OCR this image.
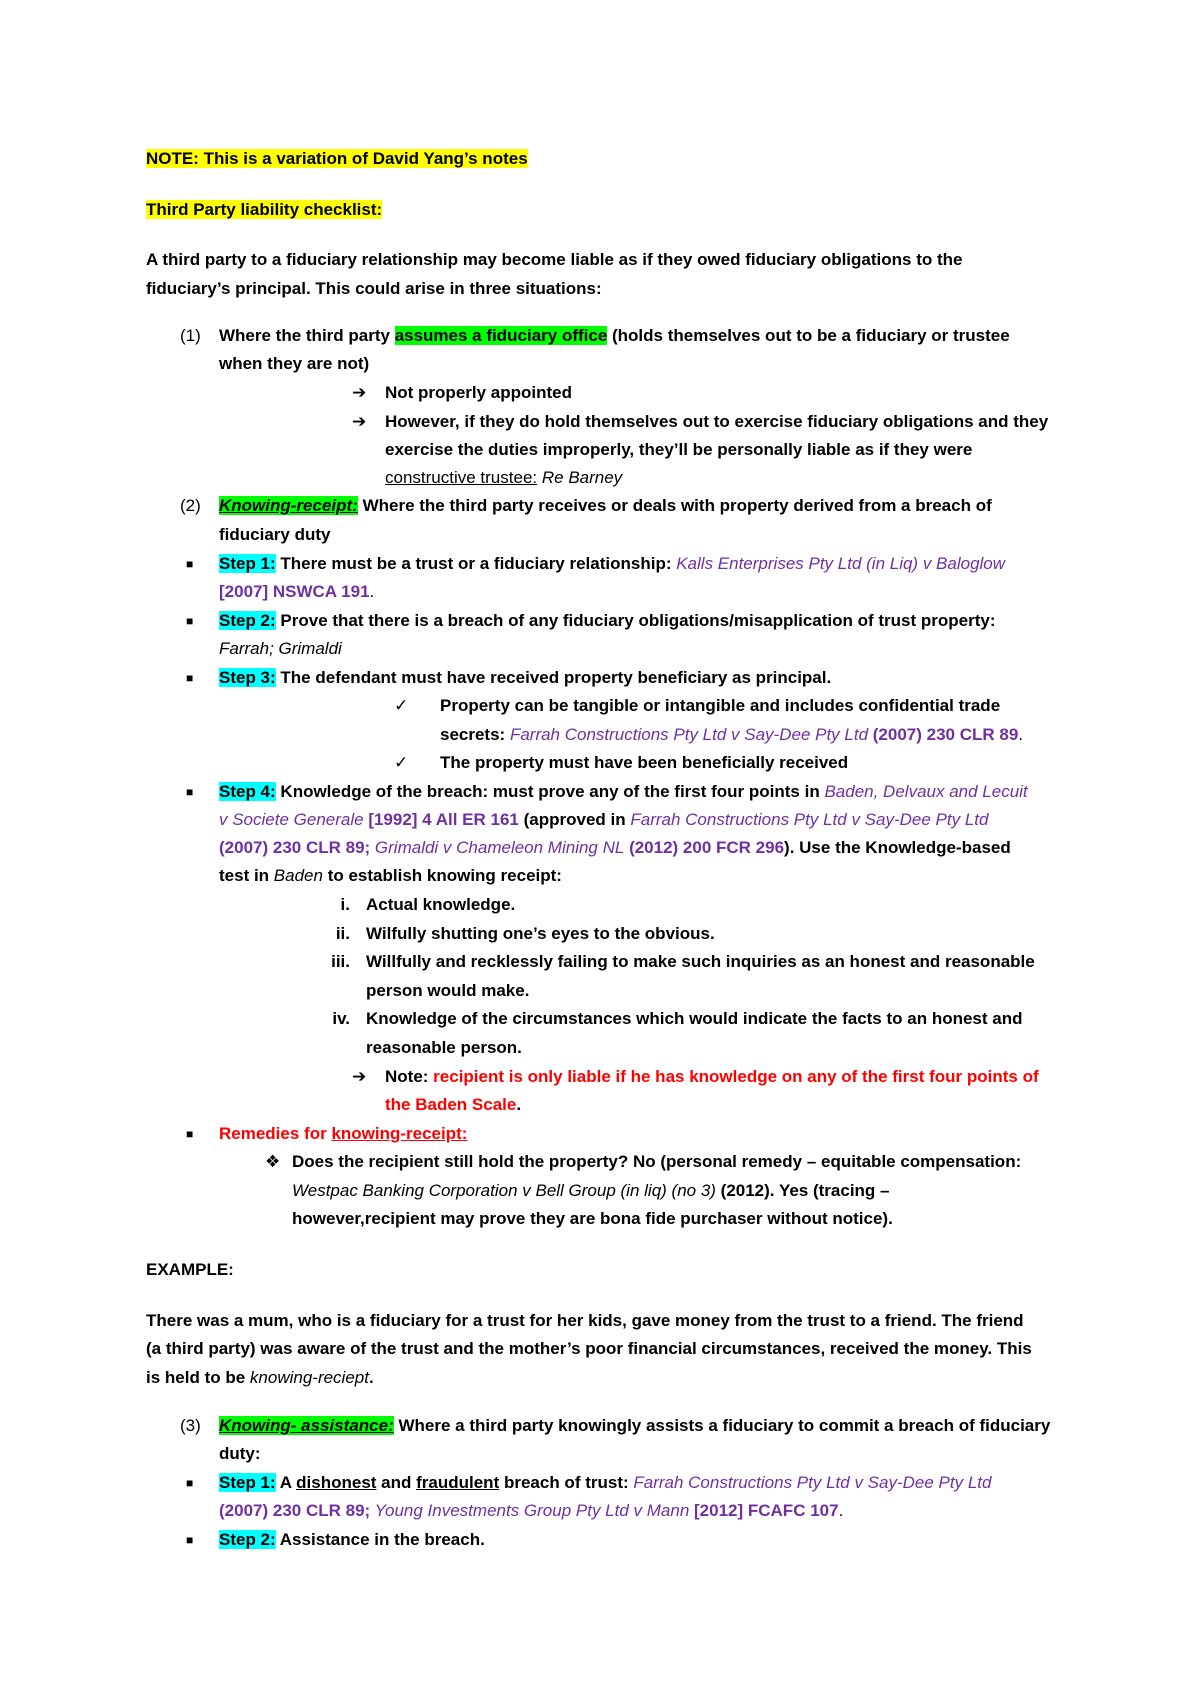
NOTE: This is a variation of David Yang’s notes
Third Party liability checklist:
A third party to a fiduciary relationship may become liable as if they owed fiduciary obligations to the
fiduciary’s principal. This could arise in three situations:
(1) Where the third party assumes a fiduciary office (holds themselves out to be a fiduciary or trustee
when they are not)
➔ Not properly appointed
➔ However, if they do hold themselves out to exercise fiduciary obligations and they
exercise the duties improperly, they’ll be personally liable as if they were
constructive trustee: Re Barney
(2) Knowing-receipt: Where the third party receives or deals with property derived from a breach of
fiduciary duty
■ Step 1: There must be a trust or a fiduciary relationship: Kalls Enterprises Pty Ltd (in Liq) v Baloglow
[2007] NSWCA 191.
■ Step 2: Prove that there is a breach of any fiduciary obligations/misapplication of trust property:
Farrah; Grimaldi
■ Step 3: The defendant must have received property beneficiary as principal.
✓ Property can be tangible or intangible and includes confidential trade
secrets: Farrah Constructions Pty Ltd v Say-Dee Pty Ltd (2007) 230 CLR 89.
✓ The property must have been beneficially received
■ Step 4: Knowledge of the breach: must prove any of the first four points in Baden, Delvaux and Lecuit
v Societe Generale [1992] 4 All ER 161 (approved in Farrah Constructions Pty Ltd v Say-Dee Pty Ltd
(2007) 230 CLR 89; Grimaldi v Chameleon Mining NL (2012) 200 FCR 296). Use the Knowledge-based
test in Baden to establish knowing receipt:
i. Actual knowledge.
ii. Wilfully shutting one’s eyes to the obvious.
iii. Willfully and recklessly failing to make such inquiries as an honest and reasonable
person would make.
iv. Knowledge of the circumstances which would indicate the facts to an honest and
reasonable person.
➔ Note: recipient is only liable if he has knowledge on any of the first four points of
the Baden Scale.
■ Remedies for knowing-receipt:
❖ Does the recipient still hold the property? No (personal remedy – equitable compensation:
Westpac Banking Corporation v Bell Group (in liq) (no 3) (2012). Yes (tracing –
however,recipient may prove they are bona fide purchaser without notice).
EXAMPLE:
There was a mum, who is a fiduciary for a trust for her kids, gave money from the trust to a friend. The friend
(a third party) was aware of the trust and the mother’s poor financial circumstances, received the money. This
is held to be knowing-reciept.
(3) Knowing- assistance: Where a third party knowingly assists a fiduciary to commit a breach of fiduciary
duty:
■ Step 1: A dishonest and fraudulent breach of trust: Farrah Constructions Pty Ltd v Say-Dee Pty Ltd
(2007) 230 CLR 89; Young Investments Group Pty Ltd v Mann [2012] FCAFC 107.
■ Step 2: Assistance in the breach.
